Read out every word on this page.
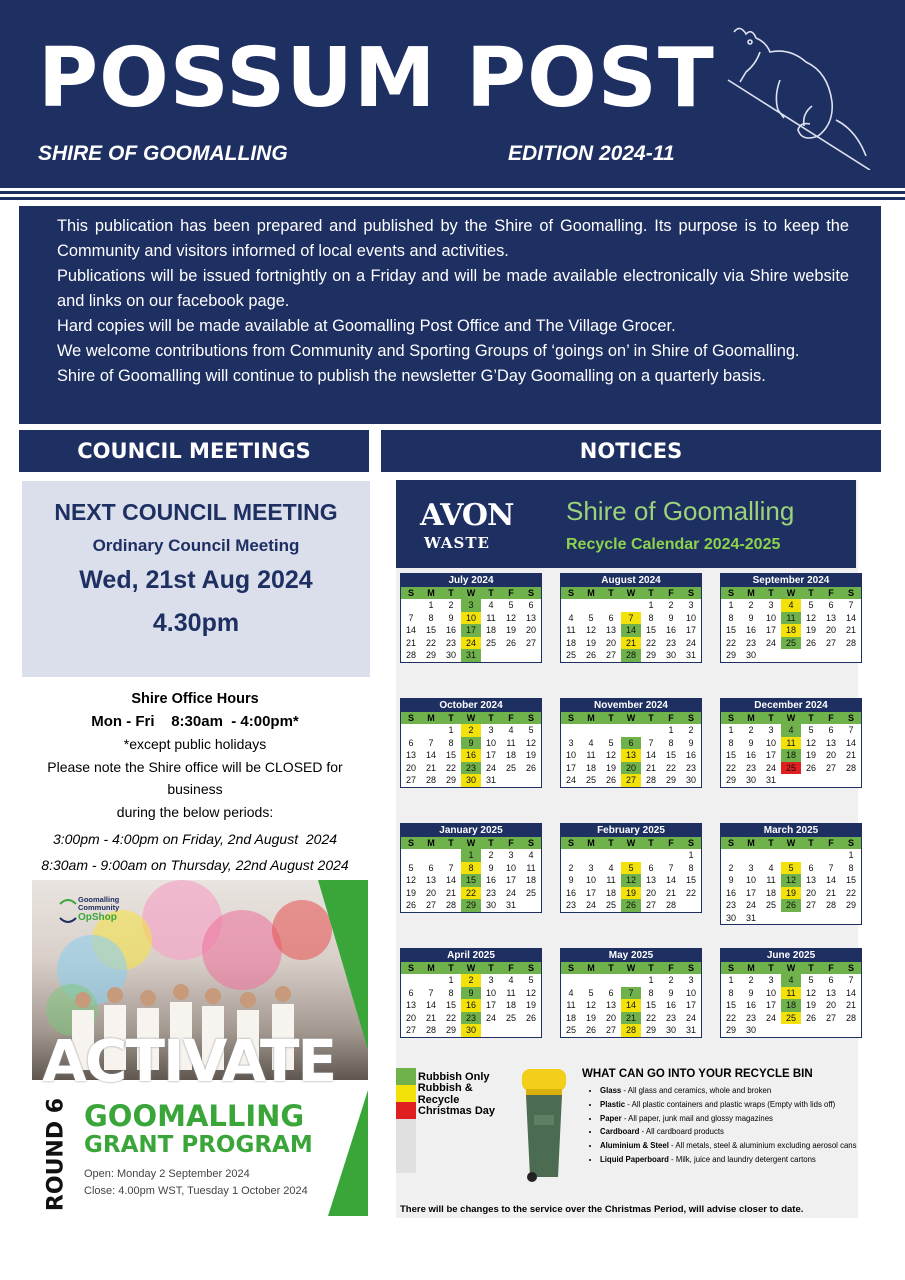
POSSUM POST
SHIRE OF GOOMALLING	EDITION 2024-11

This publication has been prepared and published by the Shire of Goomalling. Its purpose is to keep the Community and visitors informed of local events and activities.

Publications will be issued fortnightly on a Friday and will be made available electronically via Shire website and links on our facebook page.

Hard copies will be made available at Goomalling Post Office and The Village Grocer.

We welcome contributions from Community and Sporting Groups of ‘goings on’ in Shire of Goomalling.

Shire of Goomalling will continue to publish the newsletter G’Day Goomalling on a quarterly basis.

COUNCIL MEETINGS	NOTICES
NEXT COUNCIL MEETING
Ordinary Council Meeting
Wed, 21st Aug 2024
4.30pm
Shire Office Hours
Mon - Fri    8:30am  - 4:00pm*
*except public holidays
Please note the Shire office will be CLOSED for business
during the below periods:
3:00pm - 4:00pm on Friday, 2nd August  2024
8:30am - 9:00am on Thursday, 22nd August 2024
Goomalling
Community
OpShop
ACTIVATE
ROUND 6 GOOMALLING
GRANT PROGRAM
Open: Monday 2 September 2024
Close: 4.00pm WST, Tuesday 1 October 2024
AVON
WASTE
Shire of Goomalling
Recycle Calendar 2024-2025
July 2024
S	M	T	W	T	F	S
	1	2	3	4	5	6
7	8	9	10	11	12	13
14	15	16	17	18	19	20
21	22	23	24	25	26	27
28	29	30	31			
August 2024
S	M	T	W	T	F	S
				1	2	3
4	5	6	7	8	9	10
11	12	13	14	15	16	17
18	19	20	21	22	23	24
25	26	27	28	29	30	31
September 2024
S	M	T	W	T	F	S
1	2	3	4	5	6	7
8	9	10	11	12	13	14
15	16	17	18	19	20	21
22	23	24	25	26	27	28
29	30					
October 2024
S	M	T	W	T	F	S
		1	2	3	4	5
6	7	8	9	10	11	12
13	14	15	16	17	18	19
20	21	22	23	24	25	26
27	28	29	30	31		
November 2024
S	M	T	W	T	F	S
					1	2
3	4	5	6	7	8	9
10	11	12	13	14	15	16
17	18	19	20	21	22	23
24	25	26	27	28	29	30
December 2024
S	M	T	W	T	F	S
1	2	3	4	5	6	7
8	9	10	11	12	13	14
15	16	17	18	19	20	21
22	23	24	25	26	27	28
29	30	31				
January 2025
S	M	T	W	T	F	S
			1	2	3	4
5	6	7	8	9	10	11
12	13	14	15	16	17	18
19	20	21	22	23	24	25
26	27	28	29	30	31	
February 2025
S	M	T	W	T	F	S
						1
2	3	4	5	6	7	8
9	10	11	12	13	14	15
16	17	18	19	20	21	22
23	24	25	26	27	28	
March 2025
S	M	T	W	T	F	S
						1
2	3	4	5	6	7	8
9	10	11	12	13	14	15
16	17	18	19	20	21	22
23	24	25	26	27	28	29
30	31					
April 2025
S	M	T	W	T	F	S
		1	2	3	4	5
6	7	8	9	10	11	12
13	14	15	16	17	18	19
20	21	22	23	24	25	26
27	28	29	30			
May 2025
S	M	T	W	T	F	S
				1	2	3
4	5	6	7	8	9	10
11	12	13	14	15	16	17
18	19	20	21	22	23	24
25	26	27	28	29	30	31
June 2025
S	M	T	W	T	F	S
1	2	3	4	5	6	7
8	9	10	11	12	13	14
15	16	17	18	19	20	21
22	23	24	25	26	27	28
29	30					
Rubbish Only
Rubbish & Recycle
Christmas Day
WHAT CAN GO INTO YOUR RECYCLE BIN
• Glass - All glass and ceramics, whole and broken
• Plastic - All plastic containers and plastic wraps (Empty with lids off)
• Paper - All paper, junk mail and glossy magazines
• Cardboard - All cardboard products
• Aluminium & Steel - All metals, steel & aluminium excluding aerosol cans
• Liquid Paperboard - Milk, juice and laundry detergent cartons
There will be changes to the service over the Christmas Period, will advise closer to date.
